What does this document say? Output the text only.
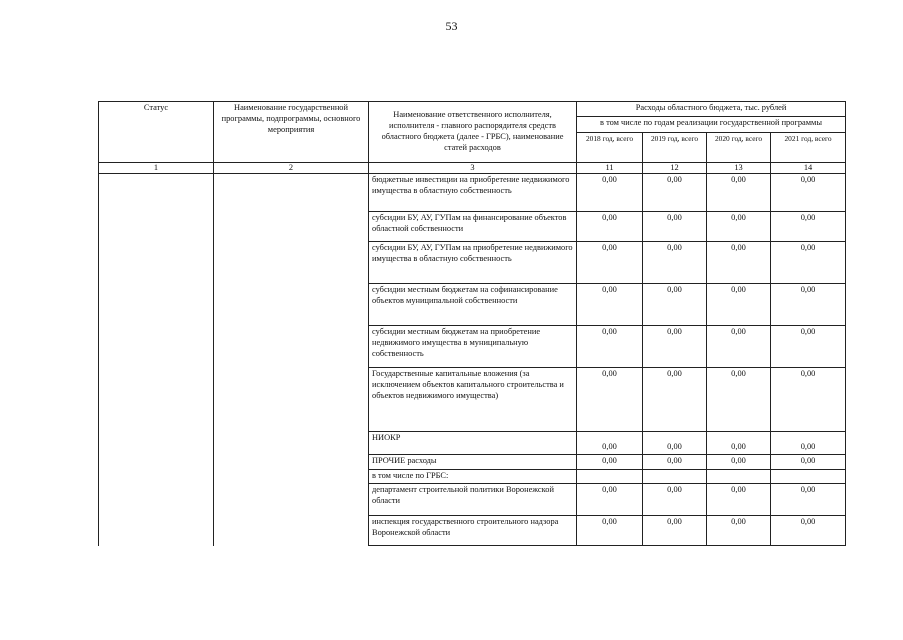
53
Статус	Наименование государственной программы, подпрограммы, основного мероприятия	Наименование ответственного исполнителя, исполнителя - главного распорядителя средств областного бюджета (далее - ГРБС), наименование статей расходов	Расходы областного бюджета, тыс. рублей			
			в том числе по годам реализации государственной программы			
			2018 год, всего	2019 год, всего	2020 год, всего	2021 год, всего
1	2	3	11	12	13	14
		бюджетные инвестиции на приобретение недвижимого имущества в областную собственность	0,00	0,00	0,00	0,00
		субсидии БУ, АУ, ГУПам на финансирование объектов областной собственности	0,00	0,00	0,00	0,00
		субсидии БУ, АУ, ГУПам на приобретение недвижимого имущества в областную собственность	0,00	0,00	0,00	0,00
		субсидии местным бюджетам на софинансирование объектов муниципальной собственности	0,00	0,00	0,00	0,00
		субсидии местным бюджетам на приобретение недвижимого имущества в муниципальную собственность	0,00	0,00	0,00	0,00
		Государственные капитальные вложения (за исключением объектов капитального строительства и объектов недвижимого имущества)	0,00	0,00	0,00	0,00
		НИОКР	0,00	0,00	0,00	0,00
		ПРОЧИЕ расходы	0,00	0,00	0,00	0,00
		в том числе по ГРБС:				
		департамент строительной политики Воронежской области	0,00	0,00	0,00	0,00
		инспекция государственного строительного надзора Воронежской области	0,00	0,00	0,00	0,00
